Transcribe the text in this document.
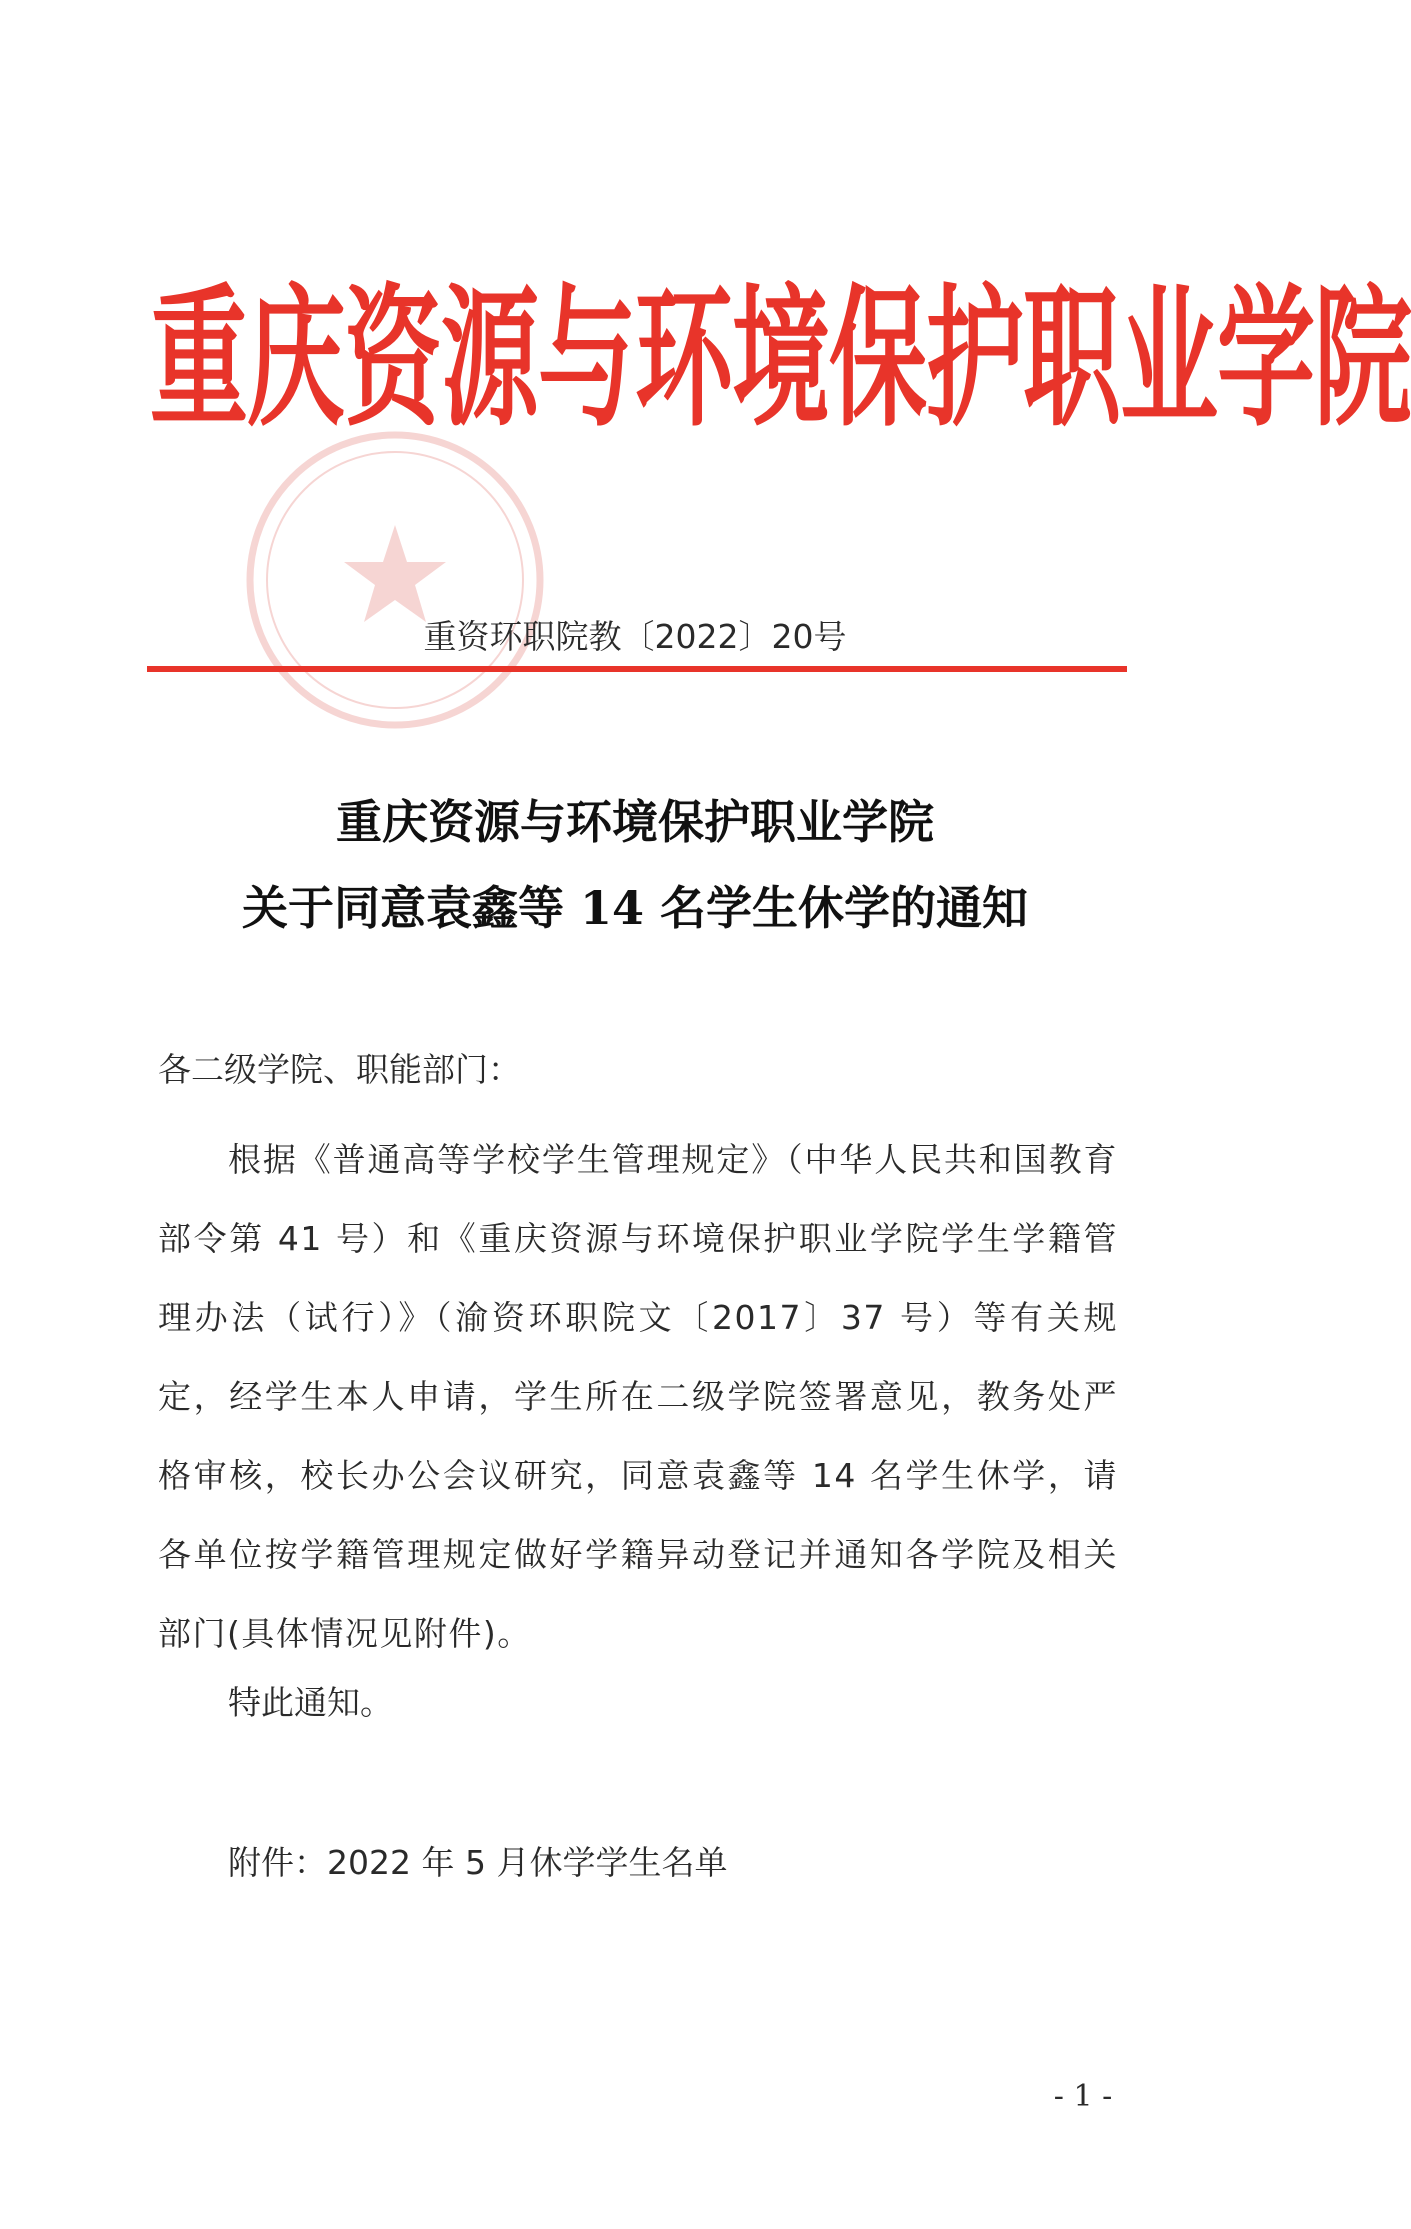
重庆资源与环境保护职业学院
重资环职院教〔2022〕20号
重庆资源与环境保护职业学院
关于同意袁鑫等 14 名学生休学的通知
各二级学院、职能部门：
根据《普通高等学校学生管理规定》（中华人民共和国教育部令第 41 号）和《重庆资源与环境保护职业学院学生学籍管理办法（试行）》（渝资环职院文〔2017〕37 号）等有关规定，经学生本人申请，学生所在二级学院签署意见，教务处严格审核，校长办公会议研究，同意袁鑫等 14 名学生休学，请各单位按学籍管理规定做好学籍异动登记并通知各学院及相关部门(具体情况见附件)。
特此通知。
附件：2022 年 5 月休学学生名单
- 1 -
